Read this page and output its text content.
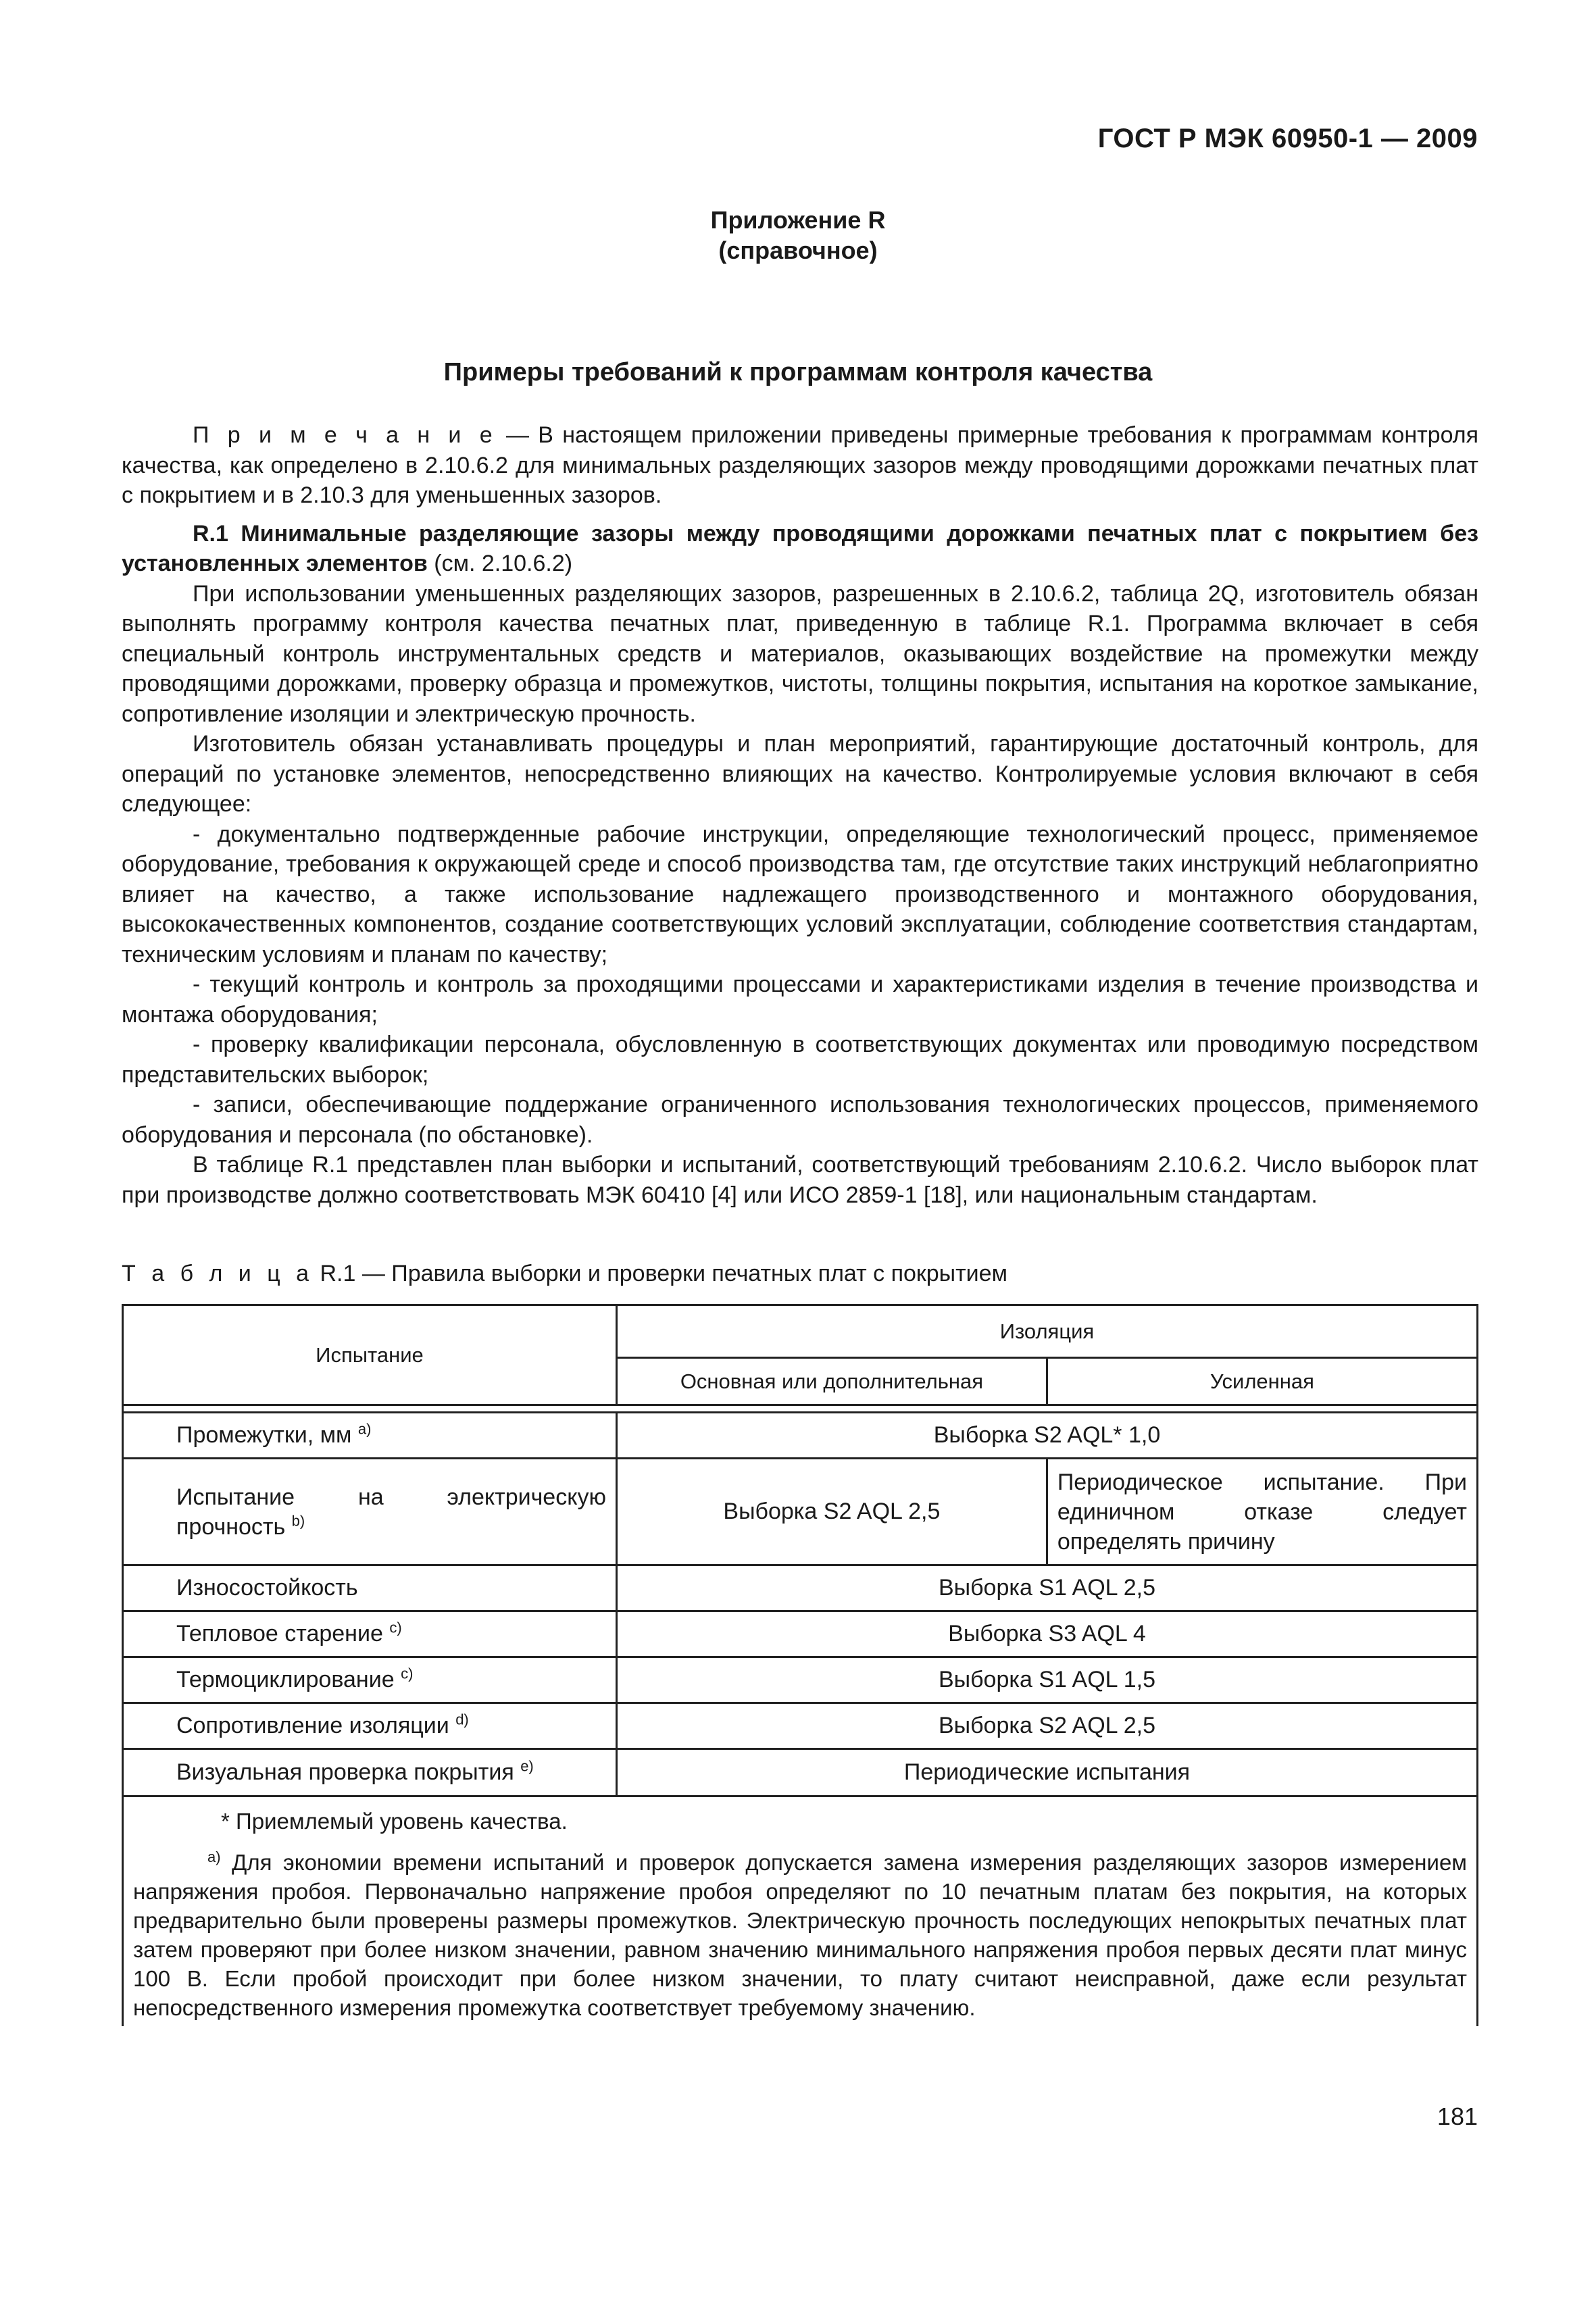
ГОСТ Р МЭК 60950-1 — 2009
Приложение R
(справочное)
Примеры требований к программам контроля качества

П р и м е ч а н и е — В настоящем приложении приведены примерные требования к программам контроля качества, как определено в 2.10.6.2 для минимальных разделяющих зазоров между проводящими дорожками печатных плат с покрытием и в 2.10.3 для уменьшенных зазоров.

R.1 Минимальные разделяющие зазоры между проводящими дорожками печатных плат с покрытием без установленных элементов (см. 2.10.6.2)

При использовании уменьшенных разделяющих зазоров, разрешенных в 2.10.6.2, таблица 2Q, изготовитель обязан выполнять программу контроля качества печатных плат, приведенную в таблице R.1. Программа включает в себя специальный контроль инструментальных средств и материалов, оказывающих воздействие на промежутки между проводящими дорожками, проверку образца и промежутков, чистоты, толщины покрытия, испытания на короткое замыкание, сопротивление изоляции и электрическую прочность.

Изготовитель обязан устанавливать процедуры и план мероприятий, гарантирующие достаточный контроль, для операций по установке элементов, непосредственно влияющих на качество. Контролируемые условия включают в себя следующее:

- документально подтвержденные рабочие инструкции, определяющие технологический процесс, применяемое оборудование, требования к окружающей среде и способ производства там, где отсутствие таких инструкций неблагоприятно влияет на качество, а также использование надлежащего производственного и монтажного оборудования, высококачественных компонентов, создание соответствующих условий эксплуатации, соблюдение соответствия стандартам, техническим условиям и планам по качеству;

- текущий контроль и контроль за проходящими процессами и характеристиками изделия в течение производства и монтажа оборудования;

- проверку квалификации персонала, обусловленную в соответствующих документах или проводимую посредством представительских выборок;

- записи, обеспечивающие поддержание ограниченного использования технологических процессов, применяемого оборудования и персонала (по обстановке).

В таблице R.1 представлен план выборки и испытаний, соответствующий требованиям 2.10.6.2. Число выборок плат при производстве должно соответствовать МЭК 60410 [4] или ИСО 2859-1 [18], или национальным стандартам.

Т а б л и ц а R.1 — Правила выборки и проверки печатных плат с покрытием
Испытание	Изоляция	
	Основная или дополнительная	Усиленная

Промежутки, мм $^{a)}$	Выборка S2 AQL* 1,0	
Испытание на электрическую прочность $^{b)}$	Выборка S2 AQL 2,5	Периодическое испытание. При единичном отказе следует определять причину
Износостойкость	Выборка S1 AQL 2,5	
Тепловое старение $^{c)}$	Выборка S3 AQL 4	
Термоциклирование $^{c)}$	Выборка S1 AQL 1,5	
Сопротивление изоляции $^{d)}$	Выборка S2 AQL 2,5	
Визуальная проверка покрытия $^{e)}$	Периодические испытания	

* Приемлемый уровень качества.

$^{a)}$ Для экономии времени испытаний и проверок допускается замена измерения разделяющих зазоров измерением напряжения пробоя. Первоначально напряжение пробоя определяют по 10 печатным платам без покрытия, на которых предварительно были проверены размеры промежутков. Электрическую прочность последующих непокрытых печатных плат затем проверяют при более низком значении, равном значению минимального напряжения пробоя первых десяти плат минус 100 В. Если пробой происходит при более низком значении, то плату считают неисправной, даже если результат непосредственного измерения промежутка соответствует требуемому значению.		

181
